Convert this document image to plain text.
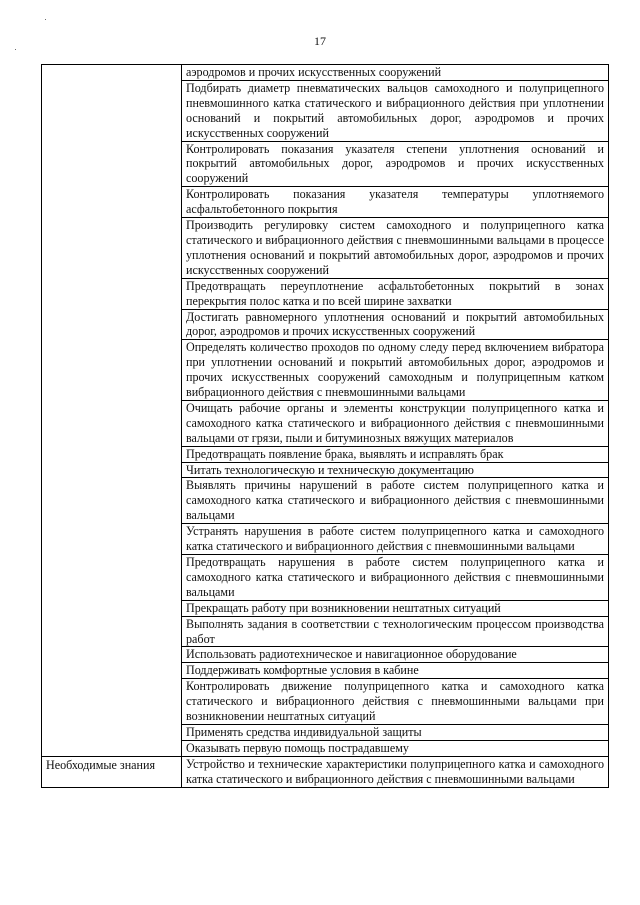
·
·
17
	аэродромов и прочих искусственных сооружений
	Подбирать диаметр пневматических вальцов самоходного и полуприцепного пневмошинного катка статического и вибрационного действия при уплотнении оснований и покрытий автомобильных дорог, аэродромов и прочих искусственных сооружений
	Контролировать показания указателя степени уплотнения оснований и покрытий автомобильных дорог, аэродромов и прочих искусственных сооружений
	Контролировать показания указателя температуры уплотняемого асфальтобетонного покрытия
	Производить регулировку систем самоходного и полуприцепного катка статического и вибрационного действия с пневмошинными вальцами в процессе уплотнения оснований и покрытий автомобильных дорог, аэродромов и прочих искусственных сооружений
	Предотвращать переуплотнение асфальтобетонных покрытий в зонах перекрытия полос катка и по всей ширине захватки
	Достигать равномерного уплотнения оснований и покрытий автомобильных дорог, аэродромов и прочих искусственных сооружений
	Определять количество проходов по одному следу перед включением вибратора при уплотнении оснований и покрытий автомобильных дорог, аэродромов и прочих искусственных сооружений самоходным и полуприцепным катком вибрационного действия с пневмошинными вальцами
	Очищать рабочие органы и элементы конструкции полуприцепного катка и самоходного катка статического и вибрационного действия с пневмошинными вальцами от грязи, пыли и битуминозных вяжущих материалов
	Предотвращать появление брака, выявлять и исправлять брак
	Читать технологическую и техническую документацию
	Выявлять причины нарушений в работе систем полуприцепного катка и самоходного катка статического и вибрационного действия с пневмошинными вальцами
	Устранять нарушения в работе систем полуприцепного катка и самоходного катка статического и вибрационного действия с пневмошинными вальцами
	Предотвращать нарушения в работе систем полуприцепного катка и самоходного катка статического и вибрационного действия с пневмошинными вальцами
	Прекращать работу при возникновении нештатных ситуаций
	Выполнять задания в соответствии с технологическим процессом производства работ
	Использовать радиотехническое и навигационное оборудование
	Поддерживать комфортные условия в кабине
	Контролировать движение полуприцепного катка и самоходного катка статического и вибрационного действия с пневмошинными вальцами при возникновении нештатных ситуаций
	Применять средства индивидуальной защиты
	Оказывать первую помощь пострадавшему
Необходимые знания	Устройство и технические характеристики полуприцепного катка и самоходного катка статического и вибрационного действия с пневмошинными вальцами
